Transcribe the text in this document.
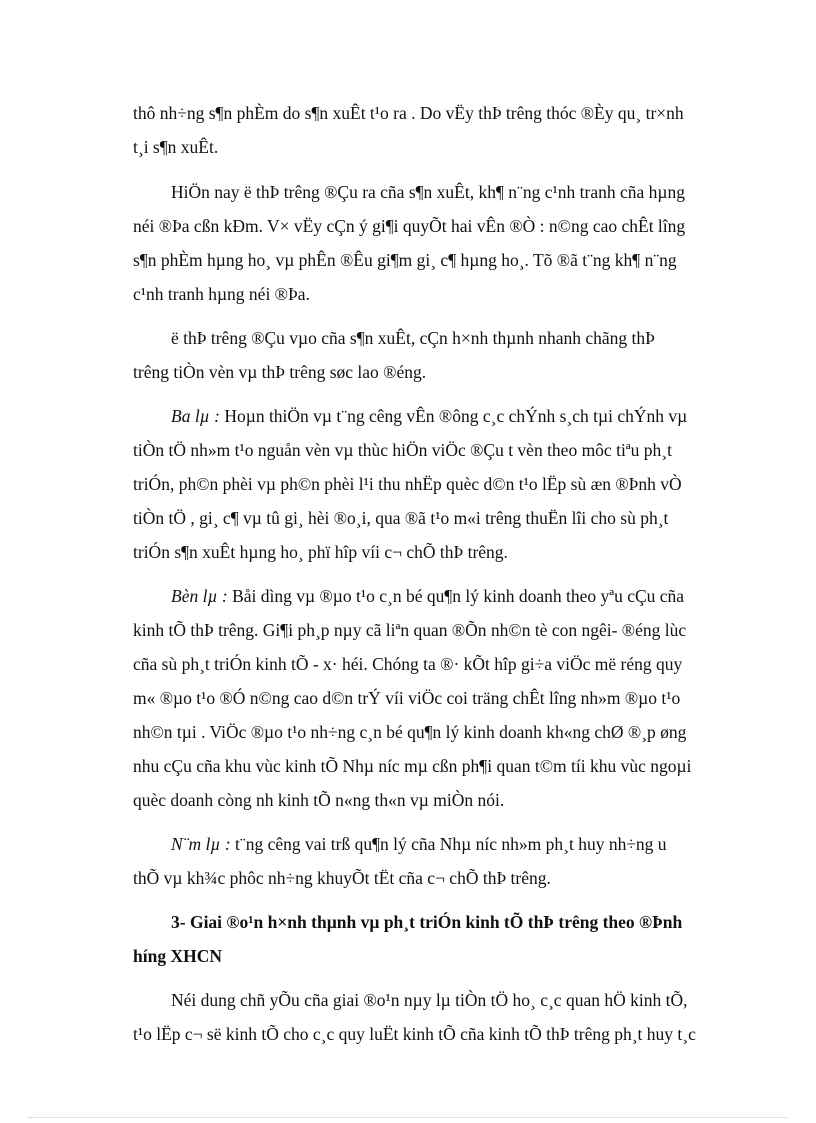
thô nh÷ng s¶n phÈm do s¶n xuÊt t¹o ra . Do vËy thÞ trêng thóc ®Èy qu¸ tr×nh
t¸i s¶n xuÊt.
HiÖn nay ë thÞ trêng ®Çu ra cña s¶n xuÊt, kh¶ n¨ng c¹nh tranh cña hµng
néi ®Þa cßn kÐm. V× vËy cÇn ý gi¶i quyÕt hai vÊn ®Ò : n©ng cao chÊt lîng
s¶n phÈm hµng ho¸ vµ phÊn ®Êu gi¶m gi¸ c¶ hµng ho¸. Tõ ®ã t¨ng kh¶ n¨ng
c¹nh tranh hµng néi ®Þa.
ë thÞ trêng ®Çu vµo cña s¶n xuÊt, cÇn h×nh thµnh nhanh chãng thÞ
trêng tiÒn vèn vµ thÞ trêng søc lao ®éng.
Ba lµ : Hoµn thiÖn vµ t¨ng cêng vÊn ®ông c¸c chÝnh s¸ch tµi chÝnh vµ
tiÒn tÖ nh»m t¹o nguån vèn vµ thùc hiÖn viÖc ®Çu t vèn theo môc tiªu ph¸t
triÓn, ph©n phèi vµ ph©n phèi l¹i thu nhËp quèc d©n t¹o lËp sù æn ®Þnh vÒ
tiÒn tÖ , gi¸ c¶ vµ tû gi¸ hèi ®o¸i, qua ®ã t¹o m«i trêng thuËn lîi cho sù ph¸t
triÓn s¶n xuÊt hµng ho¸ phï hîp víi c¬ chÕ thÞ trêng.
Bèn lµ : Båi dìng vµ ®µo t¹o c¸n bé qu¶n lý kinh doanh theo yªu cÇu cña
kinh tÕ thÞ trêng. Gi¶i ph¸p nµy cã liªn quan ®Õn nh©n tè con ngêi- ®éng lùc
cña sù ph¸t triÓn kinh tÕ - x· héi. Chóng ta ®· kÕt hîp gi÷a viÖc më réng quy
m« ®µo t¹o ®Ó n©ng cao d©n trÝ víi viÖc coi träng chÊt lîng nh»m ®µo t¹o
nh©n tµi . ViÖc ®µo t¹o nh÷ng c¸n bé qu¶n lý kinh doanh kh«ng chØ ®¸p øng
nhu cÇu cña khu vùc kinh tÕ Nhµ níc mµ cßn ph¶i quan t©m tíi khu vùc ngoµi
quèc doanh còng nh kinh tÕ n«ng th«n vµ miÒn nói.
N¨m lµ : t¨ng cêng vai trß qu¶n lý cña Nhµ níc nh»m ph¸t huy nh÷ng u
thÕ vµ kh¾c phôc nh÷ng khuyÕt tËt cña c¬ chÕ thÞ trêng.
3- Giai ®o¹n h×nh thµnh vµ ph¸t triÓn kinh tÕ thÞ trêng theo ®Þnh
híng XHCN
Néi dung chñ yÕu cña giai ®o¹n nµy lµ tiÒn tÖ ho¸ c¸c quan hÖ kinh tÕ,
t¹o lËp c¬ së kinh tÕ cho c¸c quy luËt kinh tÕ cña kinh tÕ thÞ trêng ph¸t huy t¸c
